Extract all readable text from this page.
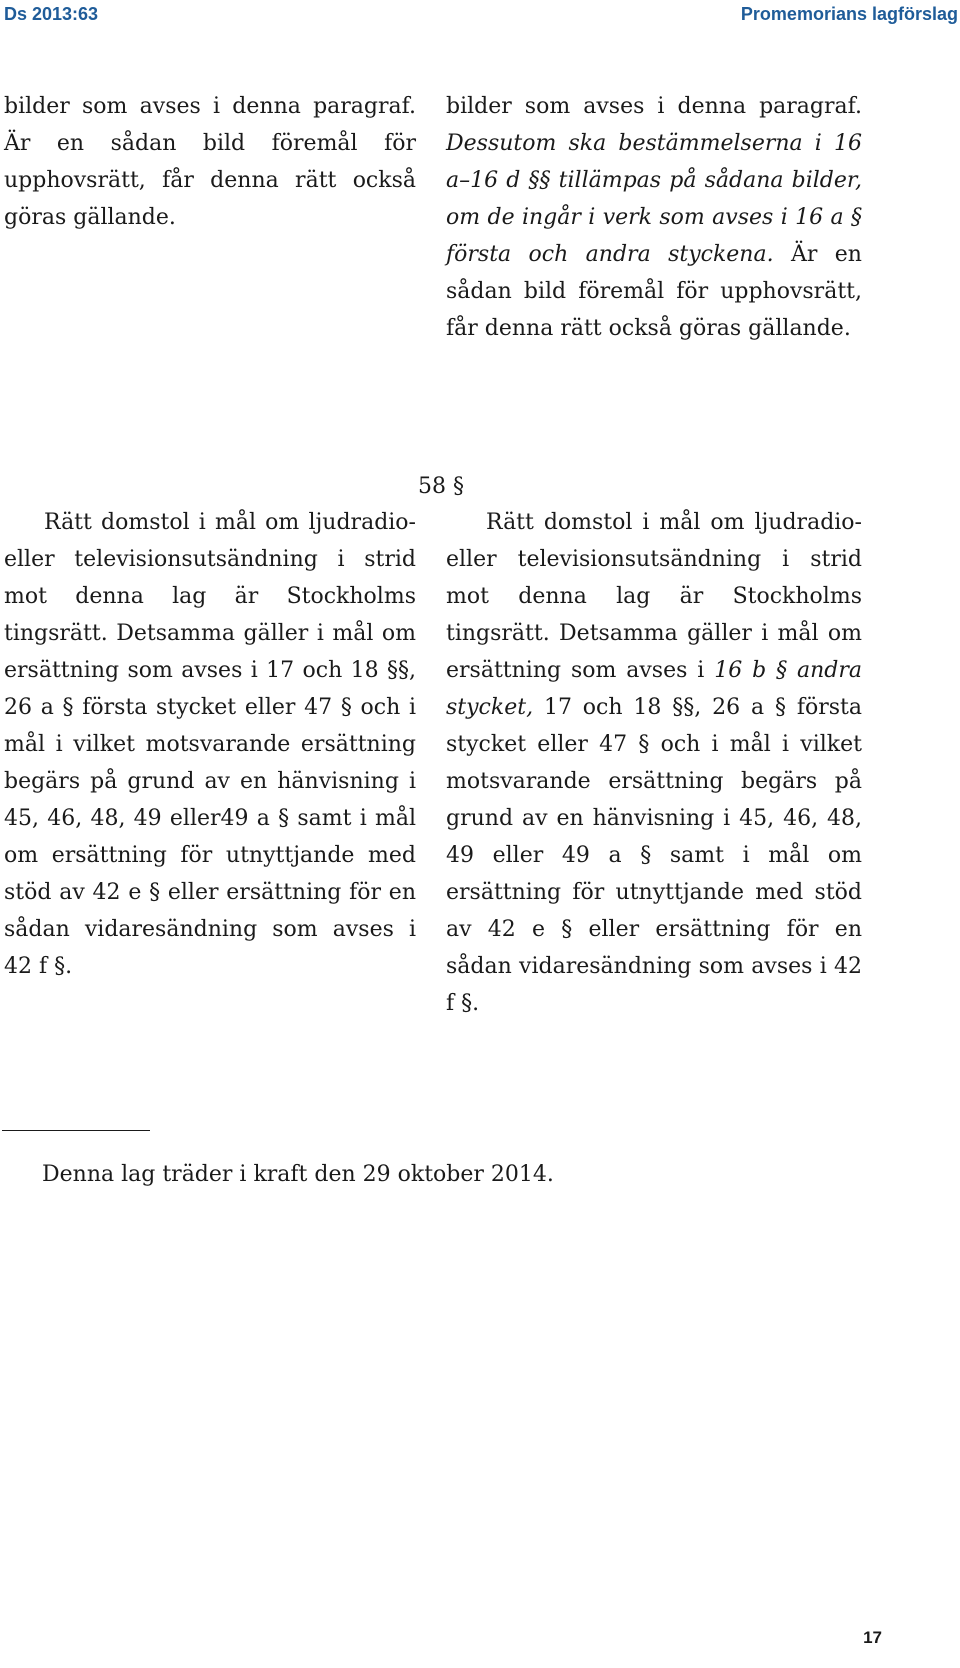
Ds 2013:63	Promemorians lagförslag

bilder som avses i denna paragraf. Är en sådan bild föremål för upphovsrätt, får denna rätt också göras gällande.

bilder som avses i denna paragraf. Dessutom ska bestämmelserna i 16 a–16 d §§ tillämpas på sådana bilder, om de ingår i verk som avses i 16 a § första och andra styckena. Är en sådan bild föremål för upphovsrätt, får denna rätt också göras gällande.

58 §

Rätt domstol i mål om ljudradio- eller televisionsutsändning i strid mot denna lag är Stockholms tingsrätt. Detsamma gäller i mål om ersättning som avses i 17 och 18 §§, 26 a § första stycket eller 47 § och i mål i vilket motsvarande ersättning begärs på grund av en hänvisning i 45, 46, 48, 49 eller49 a § samt i mål om ersättning för utnyttjande med stöd av 42 e § eller ersättning för en sådan vidaresändning som avses i 42 f §.

Rätt domstol i mål om ljudradio- eller televisionsutsändning i strid mot denna lag är Stockholms tingsrätt. Detsamma gäller i mål om ersättning som avses i 16 b § andra stycket, 17 och 18 §§, 26 a § första stycket eller 47 § och i mål i vilket motsvarande ersättning begärs på grund av en hänvisning i 45, 46, 48, 49 eller 49 a § samt i mål om ersättning för utnyttjande med stöd av 42 e § eller ersättning för en sådan vidaresändning som avses i 42 f §.

Denna lag träder i kraft den 29 oktober 2014.
17
